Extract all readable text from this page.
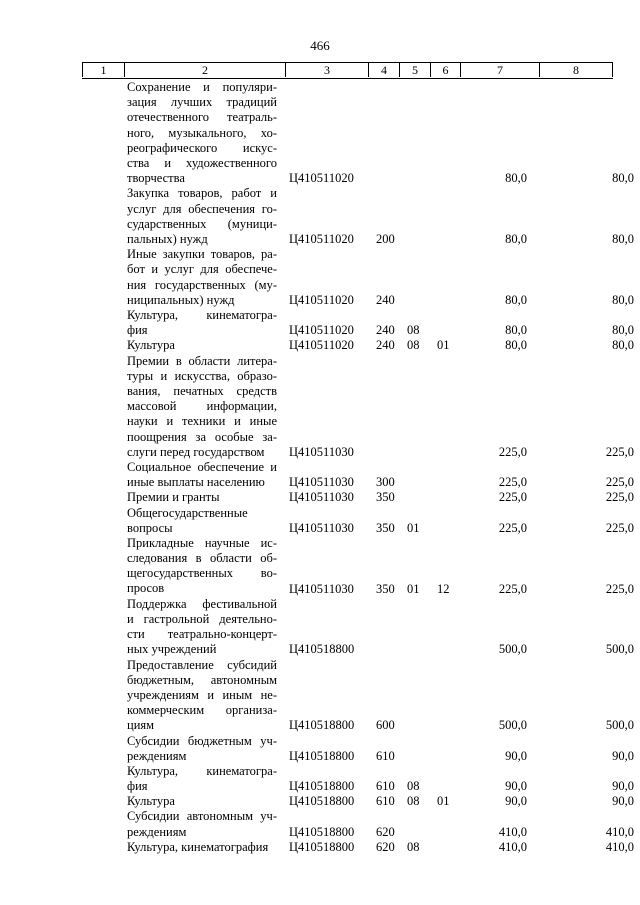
466
1	2	3	4	5	6	7	8
Сохранение и популяри-
зация лучших традиций
отечественного театраль-
ного, музыкального, хо-
реографического искус-
ства и художественного
творчества	Ц410511020	80,0	80,0
Закупка товаров, работ и
услуг для обеспечения го-
сударственных (муници-
пальных) нужд	Ц410511020 200	80,0	80,0
Иные закупки товаров, ра-
бот и услуг для обеспече-
ния государственных (му-
ниципальных) нужд	Ц410511020 240	80,0	80,0
Культура, кинематогра-
фия	Ц410511020 240 08	80,0	80,0
Культура	Ц410511020 240 08 01	80,0	80,0
Премии в области литера-
туры и искусства, образо-
вания, печатных средств
массовой информации,
науки и техники и иные
поощрения за особые за-
слуги перед государством	Ц410511030	225,0	225,0
Социальное обеспечение и
иные выплаты населению	Ц410511030 300	225,0	225,0
Премии и гранты	Ц410511030 350	225,0	225,0
Общегосударственные
вопросы	Ц410511030 350 01	225,0	225,0
Прикладные научные ис-
следования в области об-
щегосударственных во-
просов	Ц410511030 350 01 12	225,0	225,0
Поддержка фестивальной
и гастрольной деятельно-
сти театрально-концерт-
ных учреждений	Ц410518800	500,0	500,0
Предоставление субсидий
бюджетным, автономным
учреждениям и иным не-
коммерческим организа-
циям	Ц410518800 600	500,0	500,0
Субсидии бюджетным уч-
реждениям	Ц410518800 610	90,0	90,0
Культура, кинематогра-
фия	Ц410518800 610 08	90,0	90,0
Культура	Ц410518800 610 08 01	90,0	90,0
Субсидии автономным уч-
реждениям	Ц410518800 620	410,0	410,0
Культура, кинематография	Ц410518800 620 08	410,0	410,0
